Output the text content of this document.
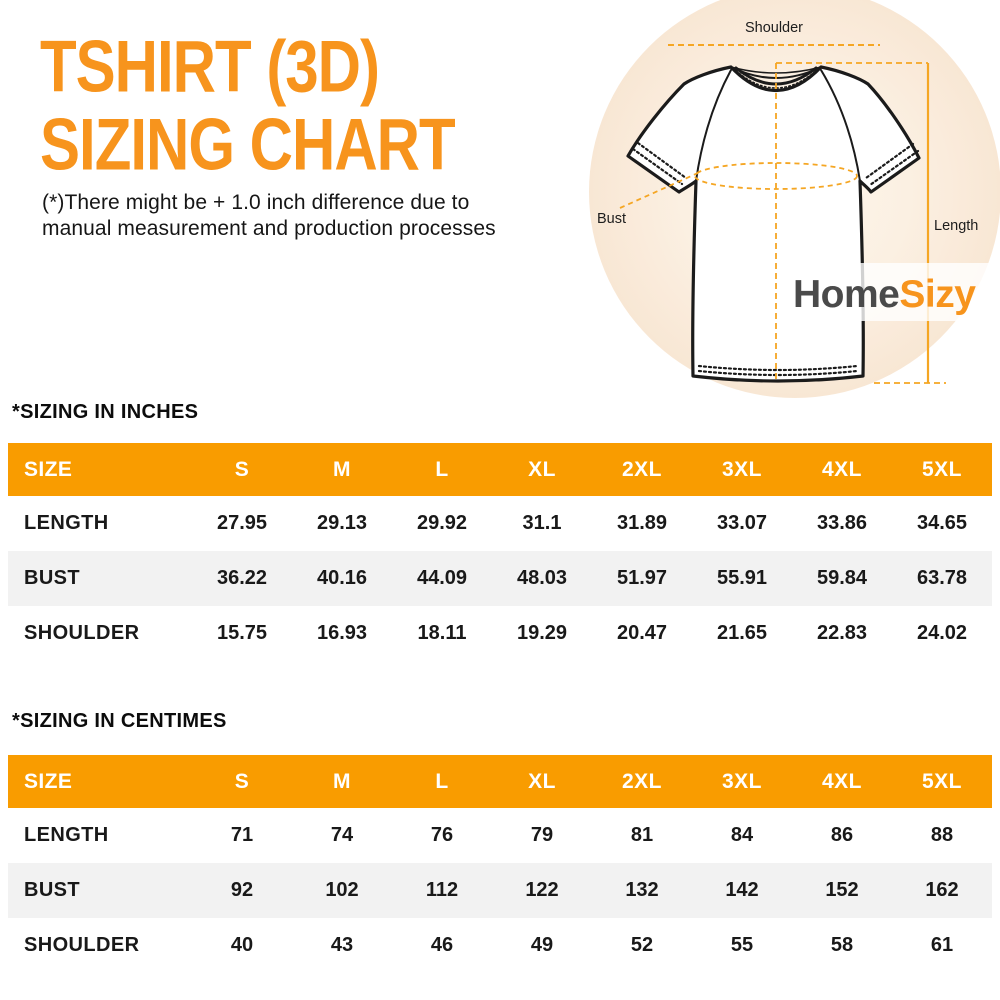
TSHIRT (3D)
SIZING CHART
(*)There might be + 1.0 inch difference due to
manual measurement and production processes
Shoulder
Bust	Length
HomeSizy
*SIZING IN INCHES
SIZE	S	M	L	XL	2XL	3XL	4XL	5XL
LENGTH	27.95	29.13	29.92	31.1	31.89	33.07	33.86	34.65
BUST	36.22	40.16	44.09	48.03	51.97	55.91	59.84	63.78
SHOULDER	15.75	16.93	18.11	19.29	20.47	21.65	22.83	24.02
*SIZING IN CENTIMES
SIZE	S	M	L	XL	2XL	3XL	4XL	5XL
LENGTH	71	74	76	79	81	84	86	88
BUST	92	102	112	122	132	142	152	162
SHOULDER	40	43	46	49	52	55	58	61
